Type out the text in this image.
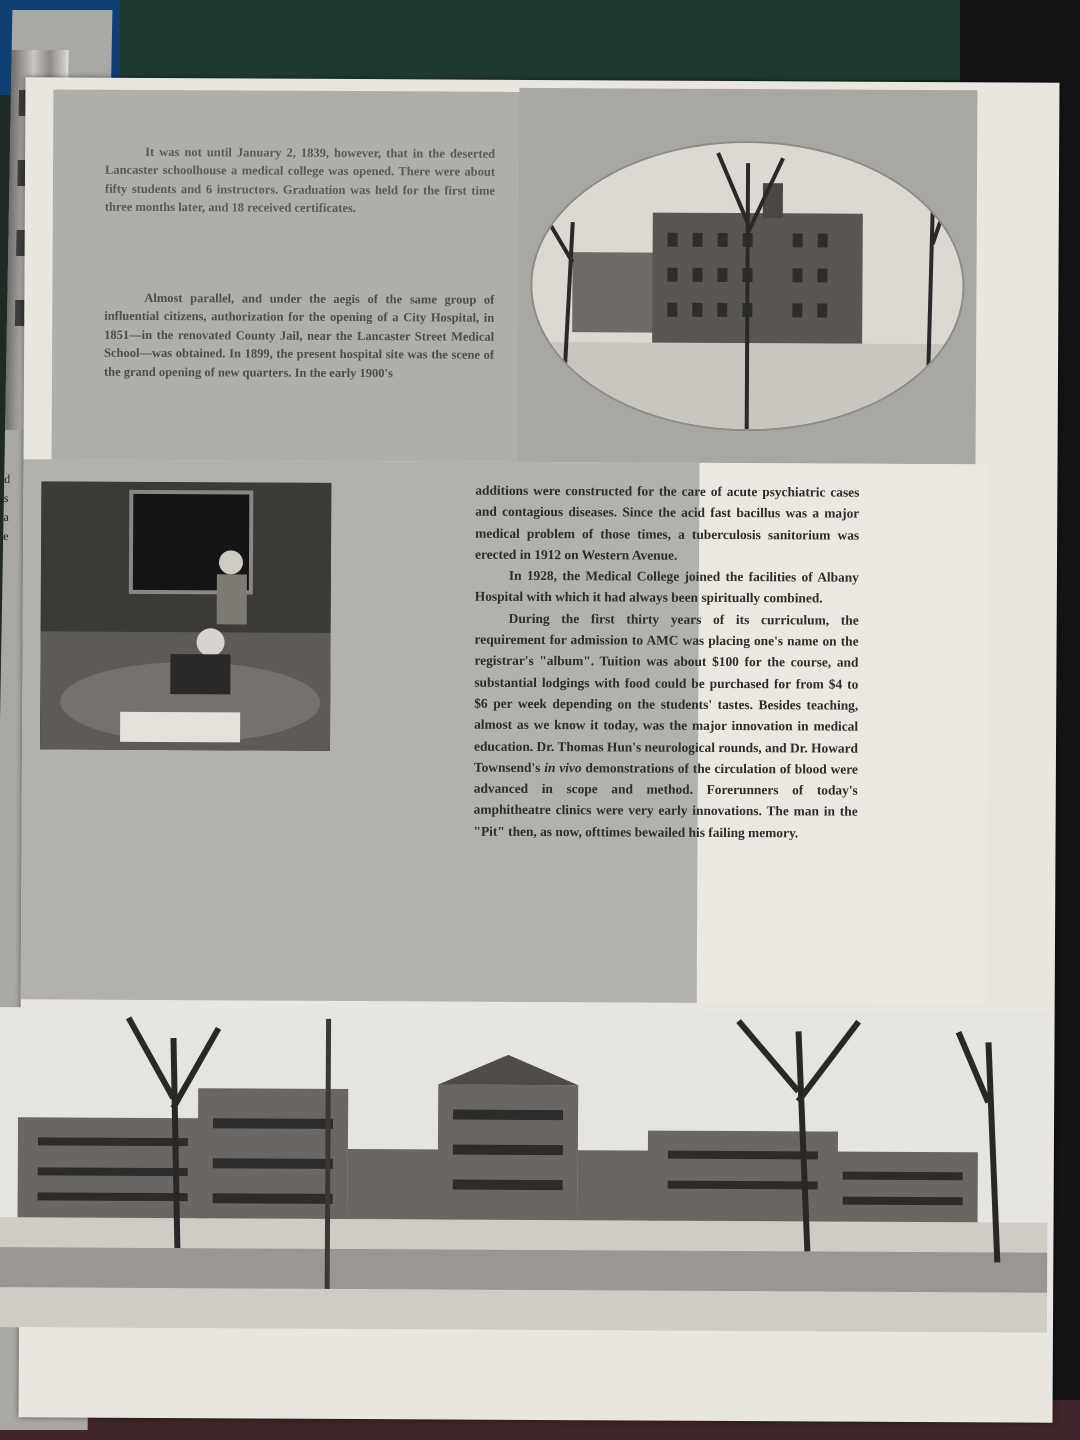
d
s
a
e

It was not until January 2, 1839, however, that in the deserted Lancaster schoolhouse a medical college was opened. There were about fifty students and 6 instructors. Graduation was held for the first time three months later, and 18 received certificates.

Almost parallel, and under the aegis of the same group of influential citizens, authorization for the opening of a City Hospital, in 1851—in the renovated County Jail, near the Lancaster Street Medical School—was obtained. In 1899, the present hospital site was the scene of the grand opening of new quarters. In the early 1900's

additions were constructed for the care of acute psychiatric cases and contagious diseases. Since the acid fast bacillus was a major medical problem of those times, a tuberculosis sanitorium was erected in 1912 on Western Avenue.

In 1928, the Medical College joined the facilities of Albany Hospital with which it had always been spiritually combined.

During the first thirty years of its curriculum, the requirement for admission to AMC was placing one's name on the registrar's "album". Tuition was about $100 for the course, and substantial lodgings with food could be purchased for from $4 to $6 per week depending on the students' tastes. Besides teaching, almost as we know it today, was the major innovation in medical education. Dr. Thomas Hun's neurological rounds, and Dr. Howard Townsend's in vivo demonstrations of the circulation of blood were advanced in scope and method. Forerunners of today's amphitheatre clinics were very early innovations. The man in the "Pit" then, as now, ofttimes bewailed his failing memory.
